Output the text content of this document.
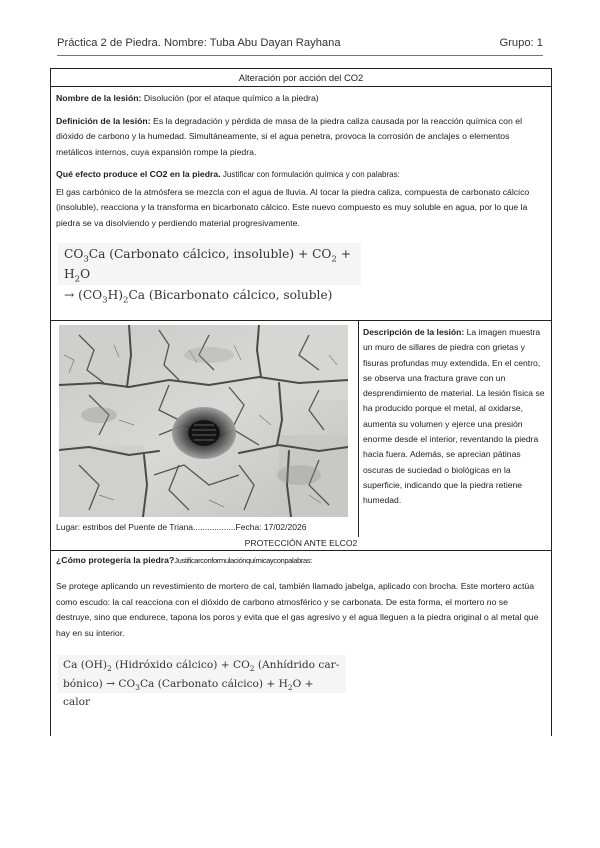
Práctica 2 de Piedra. Nombre: Tuba Abu Dayan Rayhana	Grupo: 1
Alteración por acción del CO2

Nombre de la lesión: Disolución (por el ataque químico a la piedra)

Definición de la lesión: Es la degradación y pérdida de masa de la piedra caliza causada por la reacción química con el dióxido de carbono y la humedad. Simultáneamente, si el agua penetra, provoca la corrosión de anclajes o elementos metálicos internos, cuya expansión rompe la piedra.

Qué efecto produce el CO2 en la piedra. Justificar con formulación química y con palabras:

El gas carbónico de la atmósfera se mezcla con el agua de lluvia. Al tocar la piedra caliza, compuesta de carbonato cálcico (insoluble), reacciona y la transforma en bicarbonato cálcico. Este nuevo compuesto es muy soluble en agua, por lo que la piedra se va disolviendo y perdiendo material progresivamente.

$CO_3Ca$ (Carbonato cálcico, insoluble) + $CO_2 + H_2O$
→ $(CO_3H)_2Ca$ (Bicarbonato cálcico, soluble)
Lugar: estribos del Puente de Triana..................Fecha: 17/02/2026
Descripción de la lesión: La imagen muestra un muro de sillares de piedra con grietas y fisuras profundas muy extendida. En el centro, se observa una fractura grave con un desprendimiento de material. La lesión física se ha producido porque el metal, al oxidarse, aumenta su volumen y ejerce una presión enorme desde el interior, reventando la piedra hacia fuera. Además, se aprecian pátinas oscuras de suciedad o biológicas en la superficie, indicando que la piedra retiene humedad.
PROTECCIÓN ANTE ELCO2
¿Cómo protegería la piedra?Justificarconformulaciónquímicayconpalabras:
Se protege aplicando un revestimiento de mortero de cal, también llamado jabelga, aplicado con brocha. Este mortero actúa como escudo: la cal reacciona con el dióxido de carbono atmosférico y se carbonata. De esta forma, el mortero no se destruye, sino que endurece, tapona los poros y evita que el gas agresivo y el agua lleguen a la piedra original o al metal que hay en su interior.
Ca $(OH)_2$ (Hidróxido cálcico) + $CO_2$ (Anhídrido car-
bónico) → $CO_3Ca$ (Carbonato cálcico) + $H_2O$ + calor
